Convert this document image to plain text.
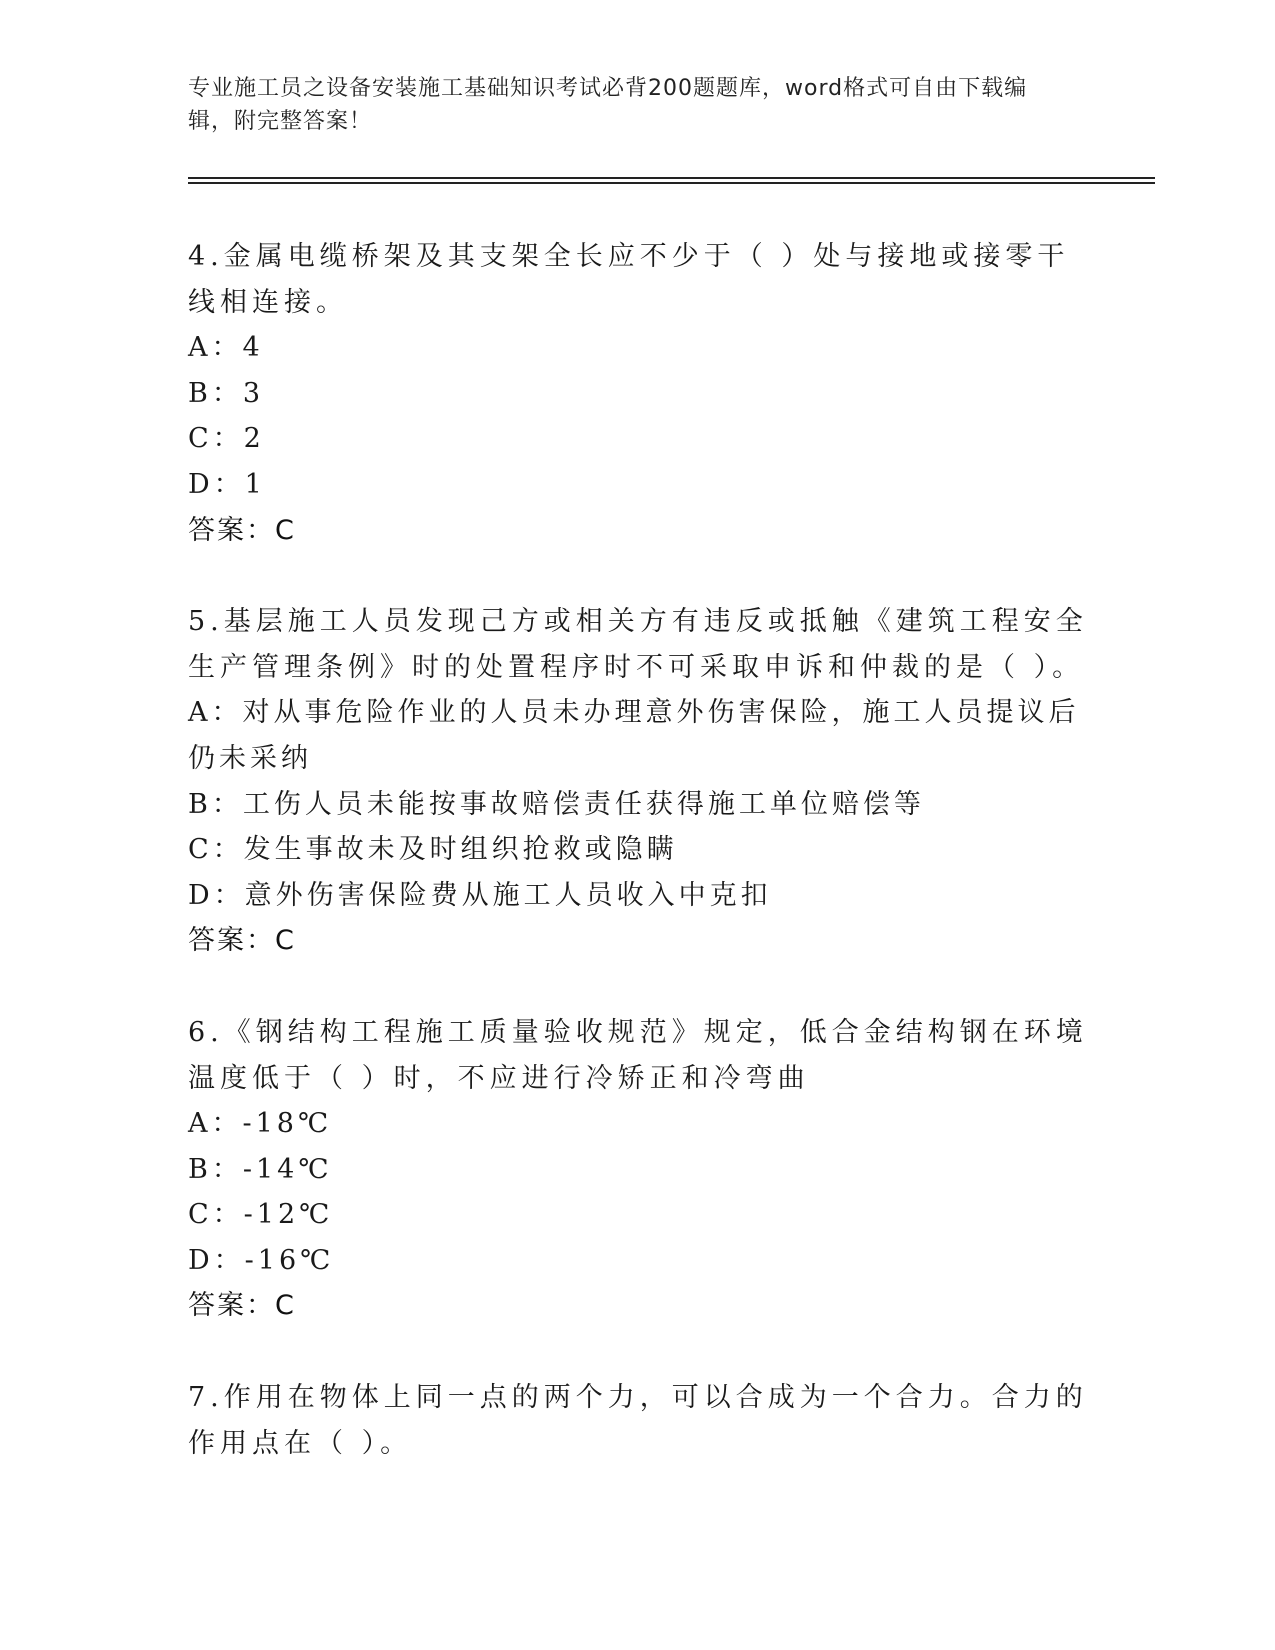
专业施工员之设备安装施工基础知识考试必背200题题库，word格式可自由下载编辑，附完整答案！
4.金属电缆桥架及其支架全长应不少于（ ）处与接地或接零干线相连接。
A：4
B：3
C：2
D：1
答案：C
5.基层施工人员发现己方或相关方有违反或抵触《建筑工程安全生产管理条例》时的处置程序时不可采取申诉和仲裁的是（ ）。
A：对从事危险作业的人员未办理意外伤害保险，施工人员提议后仍未采纳
B：工伤人员未能按事故赔偿责任获得施工单位赔偿等
C：发生事故未及时组织抢救或隐瞒
D：意外伤害保险费从施工人员收入中克扣
答案：C
6.《钢结构工程施工质量验收规范》规定，低合金结构钢在环境温度低于（ ）时，不应进行冷矫正和冷弯曲
A：-18℃
B：-14℃
C：-12℃
D：-16℃
答案：C
7.作用在物体上同一点的两个力，可以合成为一个合力。合力的作用点在（ ）。
